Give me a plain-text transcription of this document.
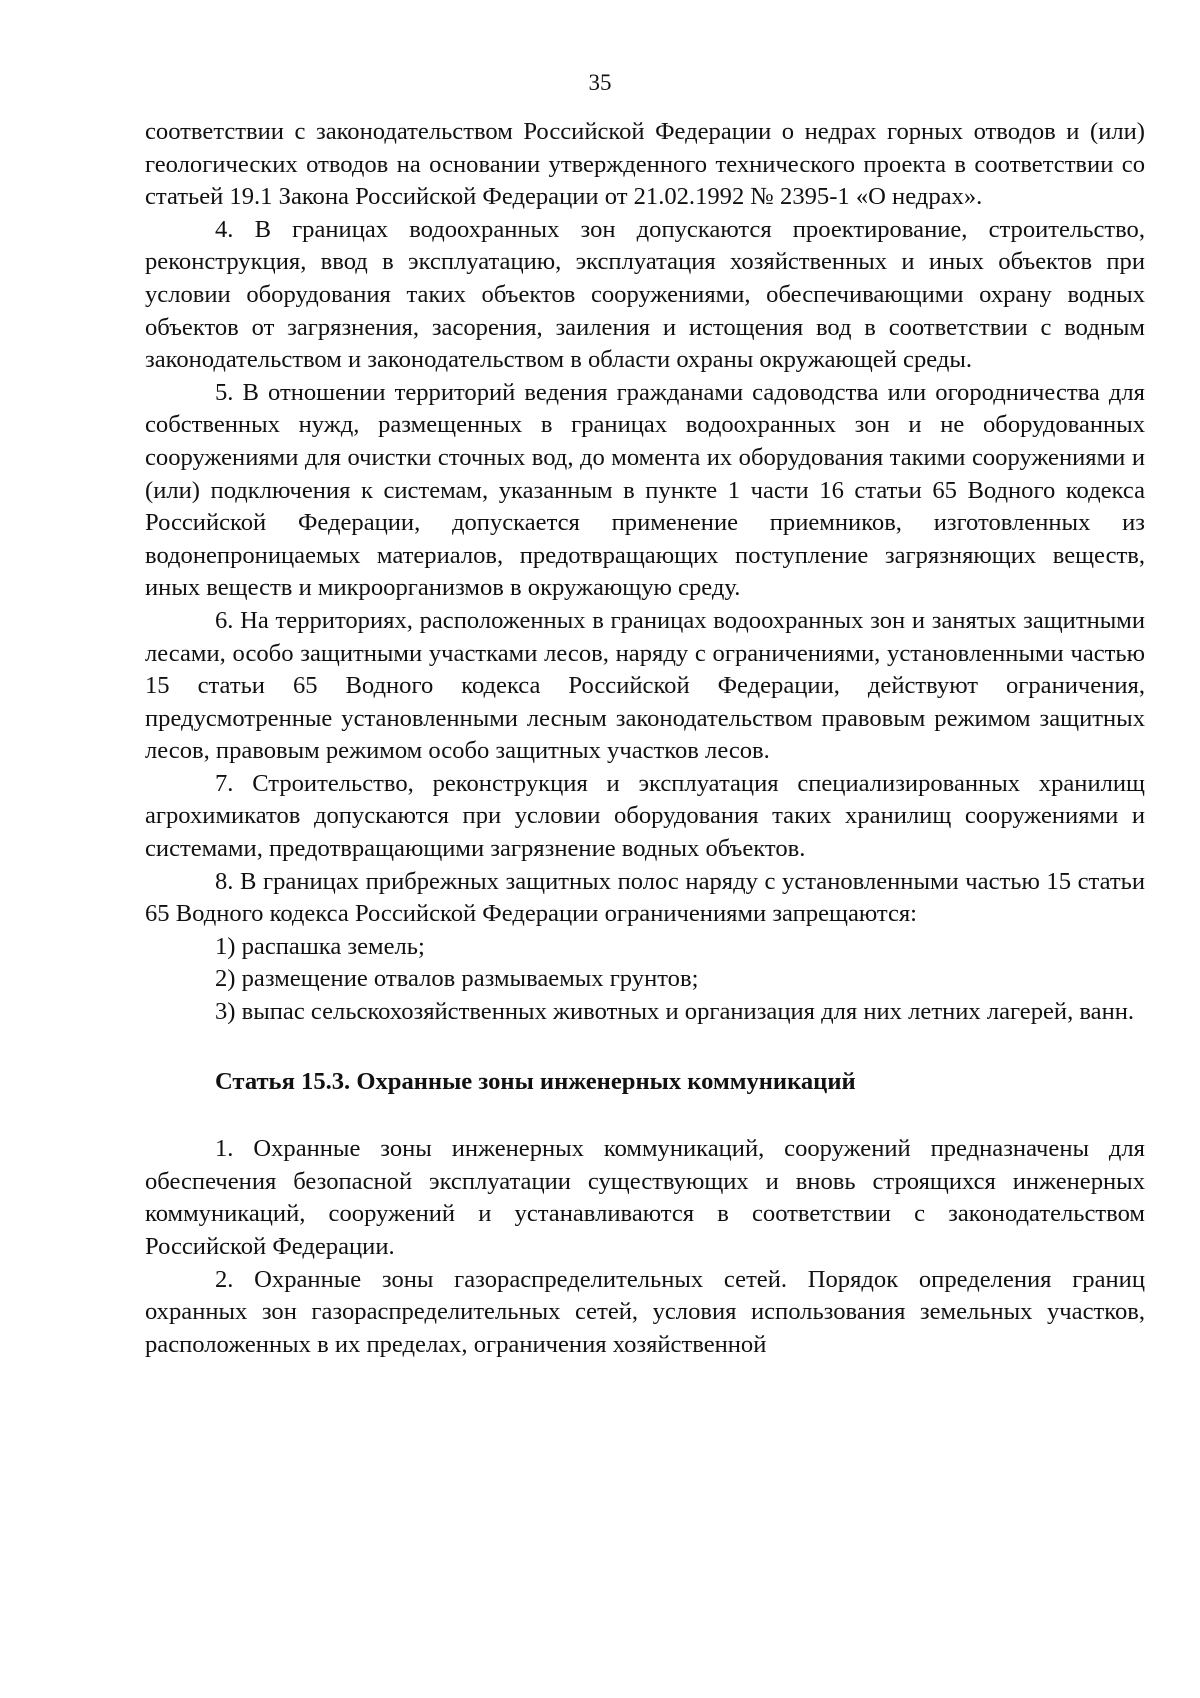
35

соответствии с законодательством Российской Федерации о недрах горных отводов и (или) геологических отводов на основании утвержденного технического проекта в соответствии со статьей 19.1 Закона Российской Федерации от 21.02.1992 № 2395-1 «О недрах».

4. В границах водоохранных зон допускаются проектирование, строительство, реконструкция, ввод в эксплуатацию, эксплуатация хозяйственных и иных объектов при условии оборудования таких объектов сооружениями, обеспечивающими охрану водных объектов от загрязнения, засорения, заиления и истощения вод в соответствии с водным законодательством и законодательством в области охраны окружающей среды.

5. В отношении территорий ведения гражданами садоводства или огородничества для собственных нужд, размещенных в границах водоохранных зон и не оборудованных сооружениями для очистки сточных вод, до момента их оборудования такими сооружениями и (или) подключения к системам, указанным в пункте 1 части 16 статьи 65 Водного кодекса Российской Федерации, допускается применение приемников, изготовленных из водонепроницаемых материалов, предотвращающих поступление загрязняющих веществ, иных веществ и микроорганизмов в окружающую среду.

6. На территориях, расположенных в границах водоохранных зон и занятых защитными лесами, особо защитными участками лесов, наряду с ограничениями, установленными частью 15 статьи 65 Водного кодекса Российской Федерации, действуют ограничения, предусмотренные установленными лесным законодательством правовым режимом защитных лесов, правовым режимом особо защитных участков лесов.

7. Строительство, реконструкция и эксплуатация специализированных хранилищ агрохимикатов допускаются при условии оборудования таких хранилищ сооружениями и системами, предотвращающими загрязнение водных объектов.

8. В границах прибрежных защитных полос наряду с установленными частью 15 статьи 65 Водного кодекса Российской Федерации ограничениями запрещаются:

1) распашка земель;

2) размещение отвалов размываемых грунтов;

3) выпас сельскохозяйственных животных и организация для них летних лагерей, ванн.

Статья 15.3. Охранные зоны инженерных коммуникаций

1. Охранные зоны инженерных коммуникаций, сооружений предназначены для обеспечения безопасной эксплуатации существующих и вновь строящихся инженерных коммуникаций, сооружений и устанавливаются в соответствии с законодательством Российской Федерации.

2. Охранные зоны газораспределительных сетей. Порядок определения границ охранных зон газораспределительных сетей, условия использования земельных участков, расположенных в их пределах, ограничения хозяйственной
